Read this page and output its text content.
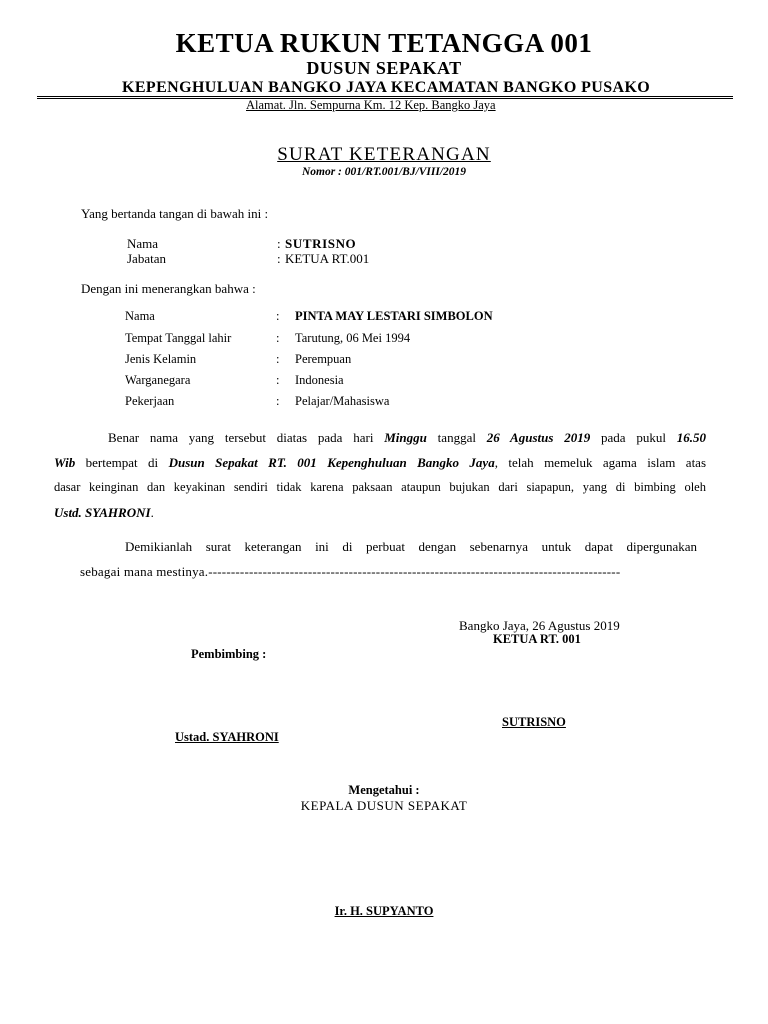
KETUA RUKUN TETANGGA 001
DUSUN SEPAKAT
KEPENGHULUAN BANGKO JAYA KECAMATAN BANGKO PUSAKO
Alamat. Jln. Sempurna Km. 12 Kep. Bangko Jaya
SURAT KETERANGAN
Nomor : 001/RT.001/BJ/VIII/2019
Yang bertanda tangan di bawah ini :
Nama	: SUTRISNO
Jabatan	: KETUA RT.001
Dengan ini menerangkan bahwa :
Nama	: PINTA MAY LESTARI SIMBOLON
Tempat Tanggal lahir	: Tarutung, 06 Mei 1994
Jenis Kelamin	: Perempuan
Warganegara	: Indonesia
Pekerjaan	: Pelajar/Mahasiswa
Benar nama yang tersebut diatas pada hari Minggu tanggal 26 Agustus 2019 pada pukul 16.50
Wib bertempat di Dusun Sepakat RT. 001 Kepenghuluan Bangko Jaya, telah memeluk agama islam atas
dasar keinginan dan keyakinan sendiri tidak karena paksaan ataupun bujukan dari siapapun, yang di bimbing oleh
Ustd. SYAHRONI.
Demikianlah surat keterangan ini di perbuat dengan sebenarnya untuk dapat dipergunakan
sebagai mana mestinya.-------------------------------------------------------------------------------------------
Bangko Jaya, 26 Agustus 2019
KETUA RT. 001
SUTRISNO
Pembimbing :
Ustad. SYAHRONI
Mengetahui :
KEPALA DUSUN SEPAKAT
Ir. H. SUPYANTO
